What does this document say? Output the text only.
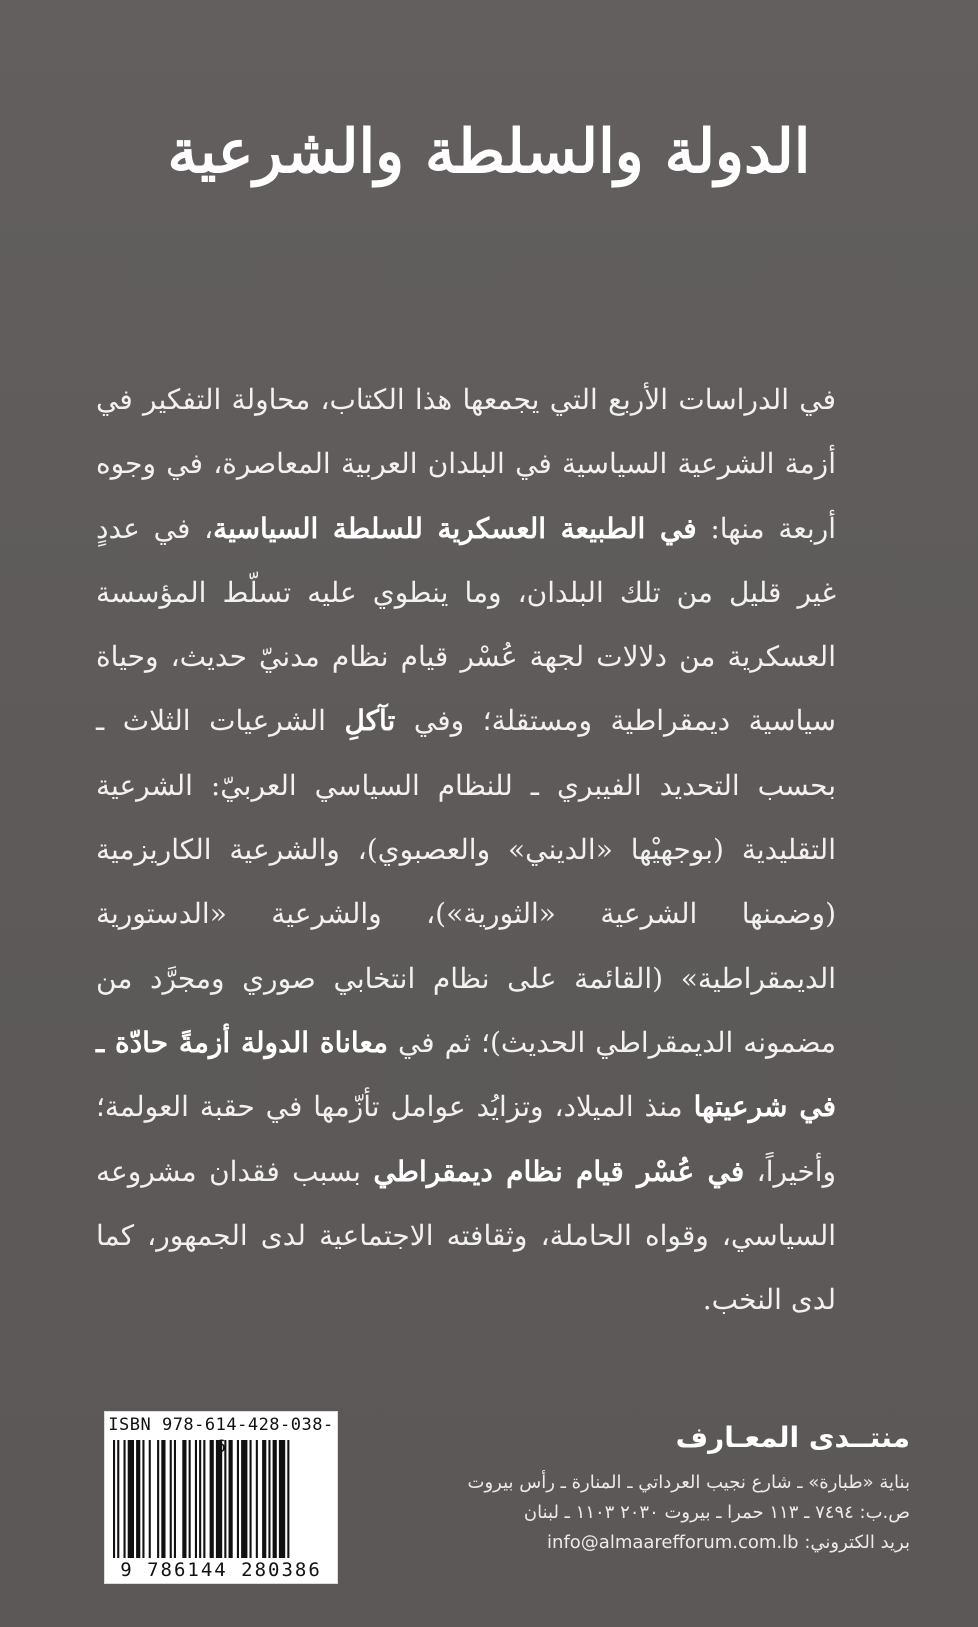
الدولة والسلطة والشرعية

في الدراسات الأربع التي يجمعها هذا الكتاب، محاولة التفكير في أزمة الشرعية السياسية في البلدان العربية المعاصرة، في وجوه أربعة منها: في الطبيعة العسكرية للسلطة السياسية، في عددٍ غير قليل من تلك البلدان، وما ينطوي عليه تسلّط المؤسسة العسكرية من دلالات لجهة عُسْر قيام نظام مدنيّ حديث، وحياة سياسية ديمقراطية ومستقلة؛ وفي تآكلِ الشرعيات الثلاث ـ بحسب التحديد الفيبري ـ للنظام السياسي العربيّ: الشرعية التقليدية (بوجهيْها «الديني» والعصبوي)، والشرعية الكاريزمية (وضمنها الشرعية «الثورية»)، والشرعية «الدستورية الديمقراطية» (القائمة على نظام انتخابي صوري ومجرَّد من مضمونه الديمقراطي الحديث)؛ ثم في معاناة الدولة أزمةً حادّة ـ في شرعيتها منذ الميلاد، وتزايُد عوامل تأزّمها في حقبة العولمة؛ وأخيراً، في عُسْر قيام نظام ديمقراطي بسبب فقدان مشروعه السياسي، وقواه الحاملة، وثقافته الاجتماعية لدى الجمهور، كما لدى النخب.

ISBN 978-614-428-038-
9 786144 280386
منتــدى المعـارف
بناية «طبارة» ـ شارع نجيب العرداتي ـ المنارة ـ رأس بيروت
ص.ب: ٧٤٩٤ ـ ١١٣ حمرا ـ بيروت ٢٠٣٠ ١١٠٣ ـ لبنان
بريد الكتروني: info@almaarefforum.com.lb
